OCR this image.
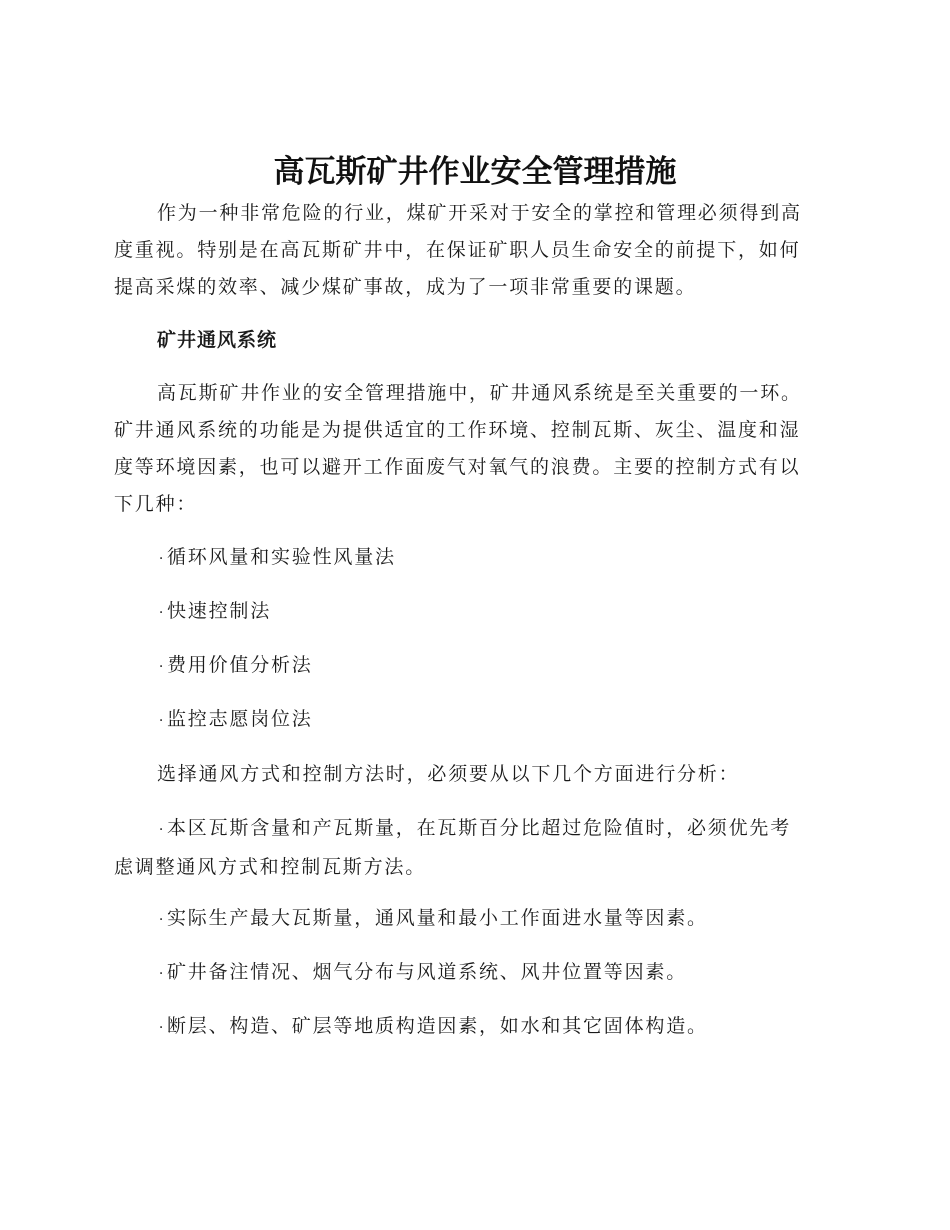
高瓦斯矿井作业安全管理措施

作为一种非常危险的行业，煤矿开采对于安全的掌控和管理必须得到高
度重视。特别是在高瓦斯矿井中，在保证矿职人员生命安全的前提下，如何
提高采煤的效率、减少煤矿事故，成为了一项非常重要的课题。

矿井通风系统

高瓦斯矿井作业的安全管理措施中，矿井通风系统是至关重要的一环。
矿井通风系统的功能是为提供适宜的工作环境、控制瓦斯、灰尘、温度和湿
度等环境因素，也可以避开工作面废气对氧气的浪费。主要的控制方式有以
下几种：

·循环风量和实验性风量法

·快速控制法

·费用价值分析法

·监控志愿岗位法

选择通风方式和控制方法时，必须要从以下几个方面进行分析：

·本区瓦斯含量和产瓦斯量，在瓦斯百分比超过危险值时，必须优先考
虑调整通风方式和控制瓦斯方法。

·实际生产最大瓦斯量，通风量和最小工作面进水量等因素。

·矿井备注情况、烟气分布与风道系统、风井位置等因素。

·断层、构造、矿层等地质构造因素，如水和其它固体构造。
